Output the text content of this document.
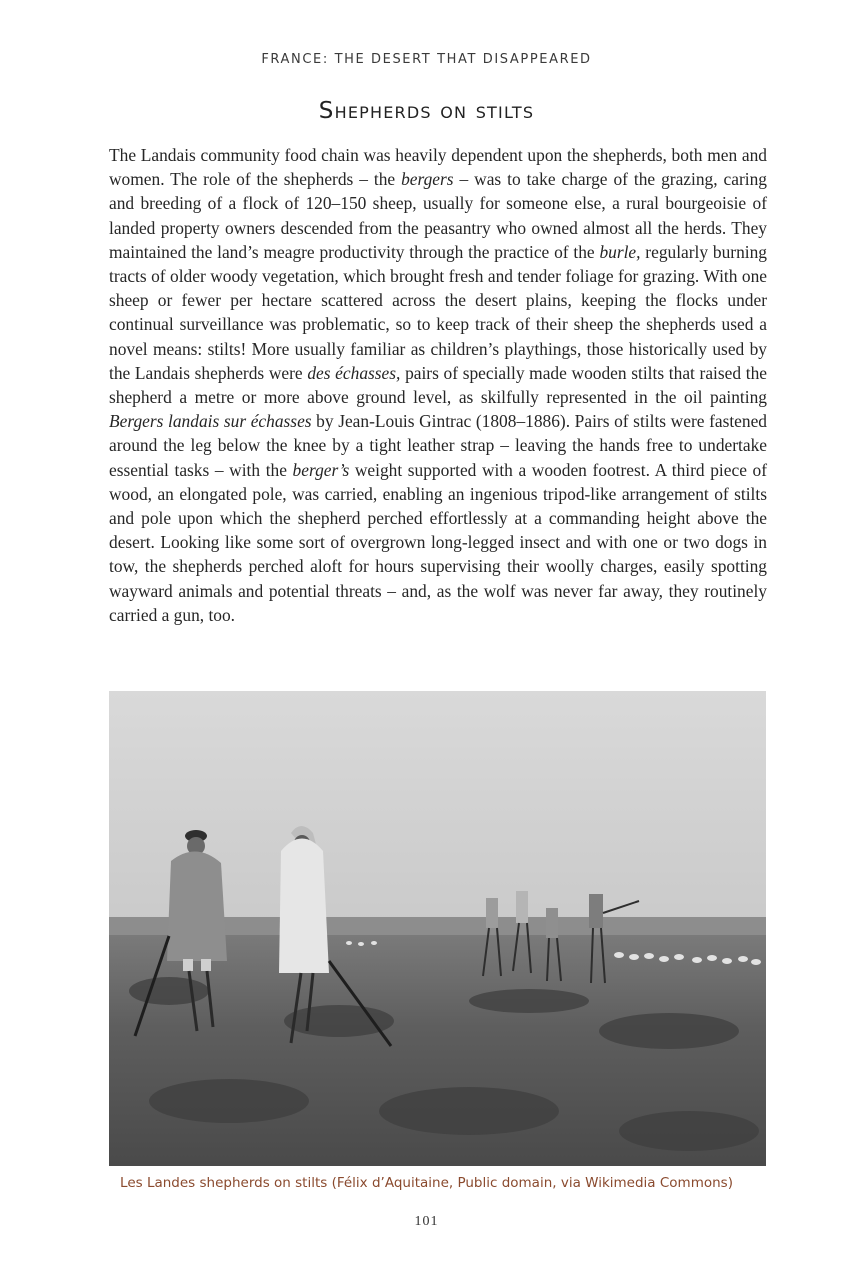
FRANCE: THE DESERT THAT DISAPPEARED
Shepherds on stilts

The Landais community food chain was heavily dependent upon the shepherds, both men and women. The role of the shepherds – the bergers – was to take charge of the grazing, caring and breeding of a flock of 120–150 sheep, usually for someone else, a rural bourgeoisie of landed property owners descended from the peasantry who owned almost all the herds. They maintained the land’s meagre productivity through the practice of the burle, regularly burning tracts of older woody vegetation, which brought fresh and tender foliage for grazing. With one sheep or fewer per hectare scattered across the desert plains, keeping the flocks under continual surveillance was problematic, so to keep track of their sheep the shepherds used a novel means: stilts! More usually familiar as children’s playthings, those historically used by the Landais shepherds were des échasses, pairs of specially made wooden stilts that raised the shepherd a metre or more above ground level, as skilfully represented in the oil painting Bergers landais sur échasses by Jean-Louis Gintrac (1808–1886). Pairs of stilts were fastened around the leg below the knee by a tight leather strap – leaving the hands free to undertake essential tasks – with the berger’s weight supported with a wooden footrest. A third piece of wood, an elongated pole, was carried, enabling an ingenious tripod-like arrangement of stilts and pole upon which the shepherd perched effortlessly at a commanding height above the desert. Looking like some sort of overgrown long-legged insect and with one or two dogs in tow, the shepherds perched aloft for hours supervising their woolly charges, easily spotting wayward animals and potential threats – and, as the wolf was never far away, they routinely carried a gun, too.

Les Landes shepherds on stilts (Félix d’Aquitaine, Public domain, via Wikimedia Commons)
101
